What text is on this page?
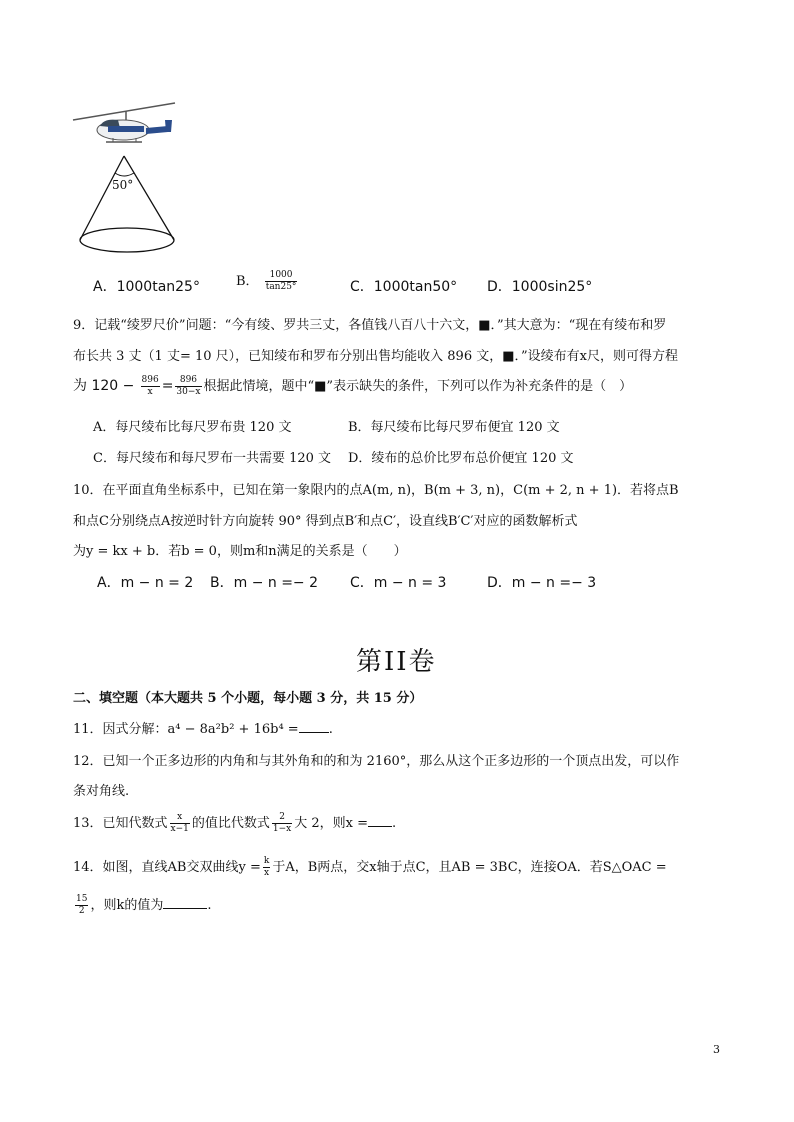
50°
A．1000tan25°	B． $\frac{1000}{\tan 25^\circ}$	C．1000tan50° D．1000sin25°
9．记载“绫罗尺价”问题：“今有绫、罗共三丈，各值钱八百八十六文，■．”其大意为：“现在有绫布和罗
布长共 3 丈（1 丈= 10 尺），已知绫布和罗布分别出售均能收入 896 文，■．”设绫布有x尺，则可得方程
为 $120 - \frac{896}{x} = \frac{896}{30-x}$ 根据此情境，题中“■”表示缺失的条件，下列可以作为补充条件的是（　）
A．每尺绫布比每尺罗布贵 120 文	B．每尺绫布比每尺罗布便宜 120 文
C．每尺绫布和每尺罗布一共需要 120 文 D．绫布的总价比罗布总价便宜 120 文
10．在平面直角坐标系中，已知在第一象限内的点A(m, n)，B(m + 3, n)，C(m + 2, n + 1)．若将点B
和点C分别绕点A按逆时针方向旋转 90° 得到点B′和点C′，设直线B′C′对应的函数解析式
为y = kx + b．若b = 0，则m和n满足的关系是（　　）
A．m − n = 2 B．m − n =− 2 C．m − n = 3	D．m − n =− 3
第II卷
二、填空题（本大题共 5 个小题，每小题 3 分，共 15 分）
11．因式分解：a⁴ − 8a²b² + 16b⁴ = .
12．已知一个正多边形的内角和与其外角和的和为 2160°，那么从这个正多边形的一个顶点出发，可以作
条对角线.
13．已知代数式 $\frac{x}{x-1}$ 的值比代数式 $\frac{2}{1-x}$ 大 2，则x = .
14．如图，直线AB交双曲线$y = \frac{k}{x}$ 于A，B两点，交x轴于点C，且AB = 3BC，连接OA．若S△OAC =
$\frac{15}{2}$ ，则k的值为	.
3
